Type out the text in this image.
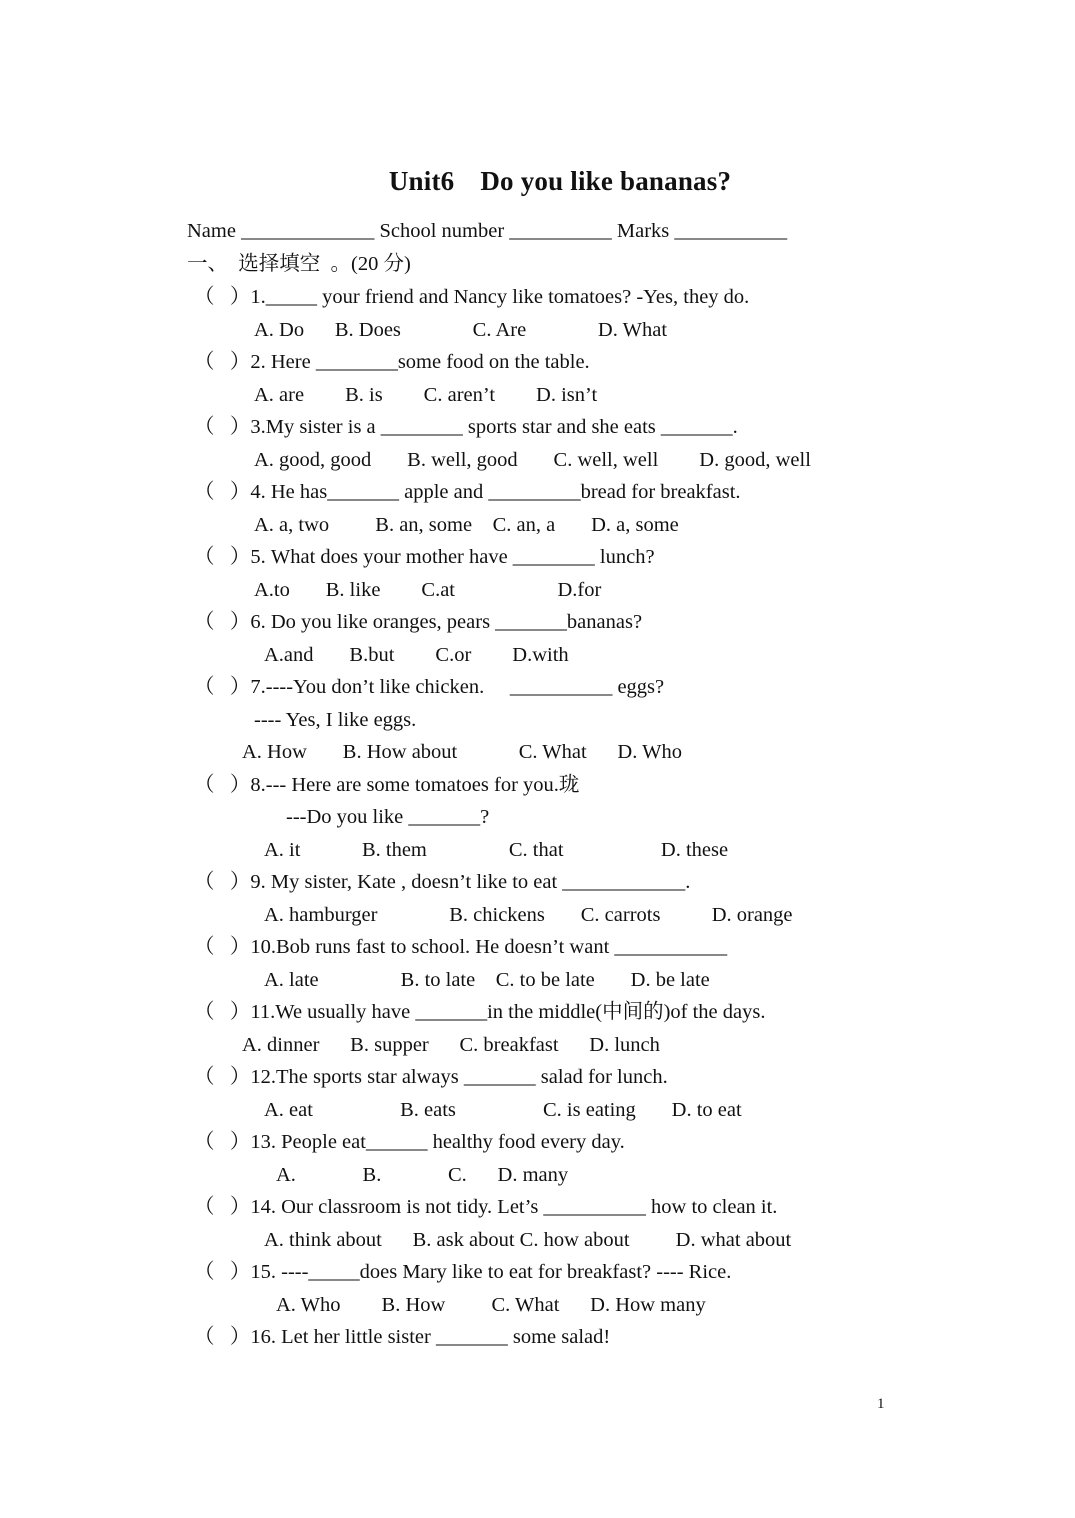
Unit6 Do you like bananas?
Name _____________ School number __________ Marks ___________
一、  选择填空  。(20 分)
（   ）1._____ your friend and Nancy like tomatoes? -Yes, they do.
A. Do      B. Does              C. Are              D. What
（   ）2. Here ________some food on the table.
A. are        B. is        C. aren’t        D. isn’t
（   ）3.My sister is a ________ sports star and she eats _______.
A. good, good       B. well, good       C. well, well        D. good, well
（   ）4. He has_______ apple and _________bread for breakfast.
A. a, two         B. an, some    C. an, a       D. a, some
（   ）5. What does your mother have ________ lunch?
A.to       B. like        C.at                    D.for
（   ）6. Do you like oranges, pears _______bananas?
A.and       B.but        C.or        D.with
（   ）7.----You don’t like chicken.     __________ eggs?
---- Yes, I like eggs.
A. How       B. How about            C. What      D. Who
（   ）8.--- Here are some tomatoes for you.珑
---Do you like _______?
A. it            B. them                C. that                   D. these
（   ）9. My sister, Kate , doesn’t like to eat ____________.
A. hamburger              B. chickens       C. carrots          D. orange
（   ）10.Bob runs fast to school. He doesn’t want ___________
A. late                B. to late    C. to be late       D. be late
（   ）11.We usually have _______in the middle(中间的)of the days.
A. dinner      B. supper      C. breakfast      D. lunch
（   ）12.The sports star always _______ salad for lunch.
A. eat                 B. eats                 C. is eating       D. to eat
（   ）13. People eat______ healthy food every day.
A.             B.             C.      D. many
（   ）14. Our classroom is not tidy. Let’s __________ how to clean it.
A. think about      B. ask about C. how about         D. what about
（   ）15. ----_____does Mary like to eat for breakfast? ---- Rice.
A. Who        B. How         C. What      D. How many
（   ）16. Let her little sister _______ some salad!
1
